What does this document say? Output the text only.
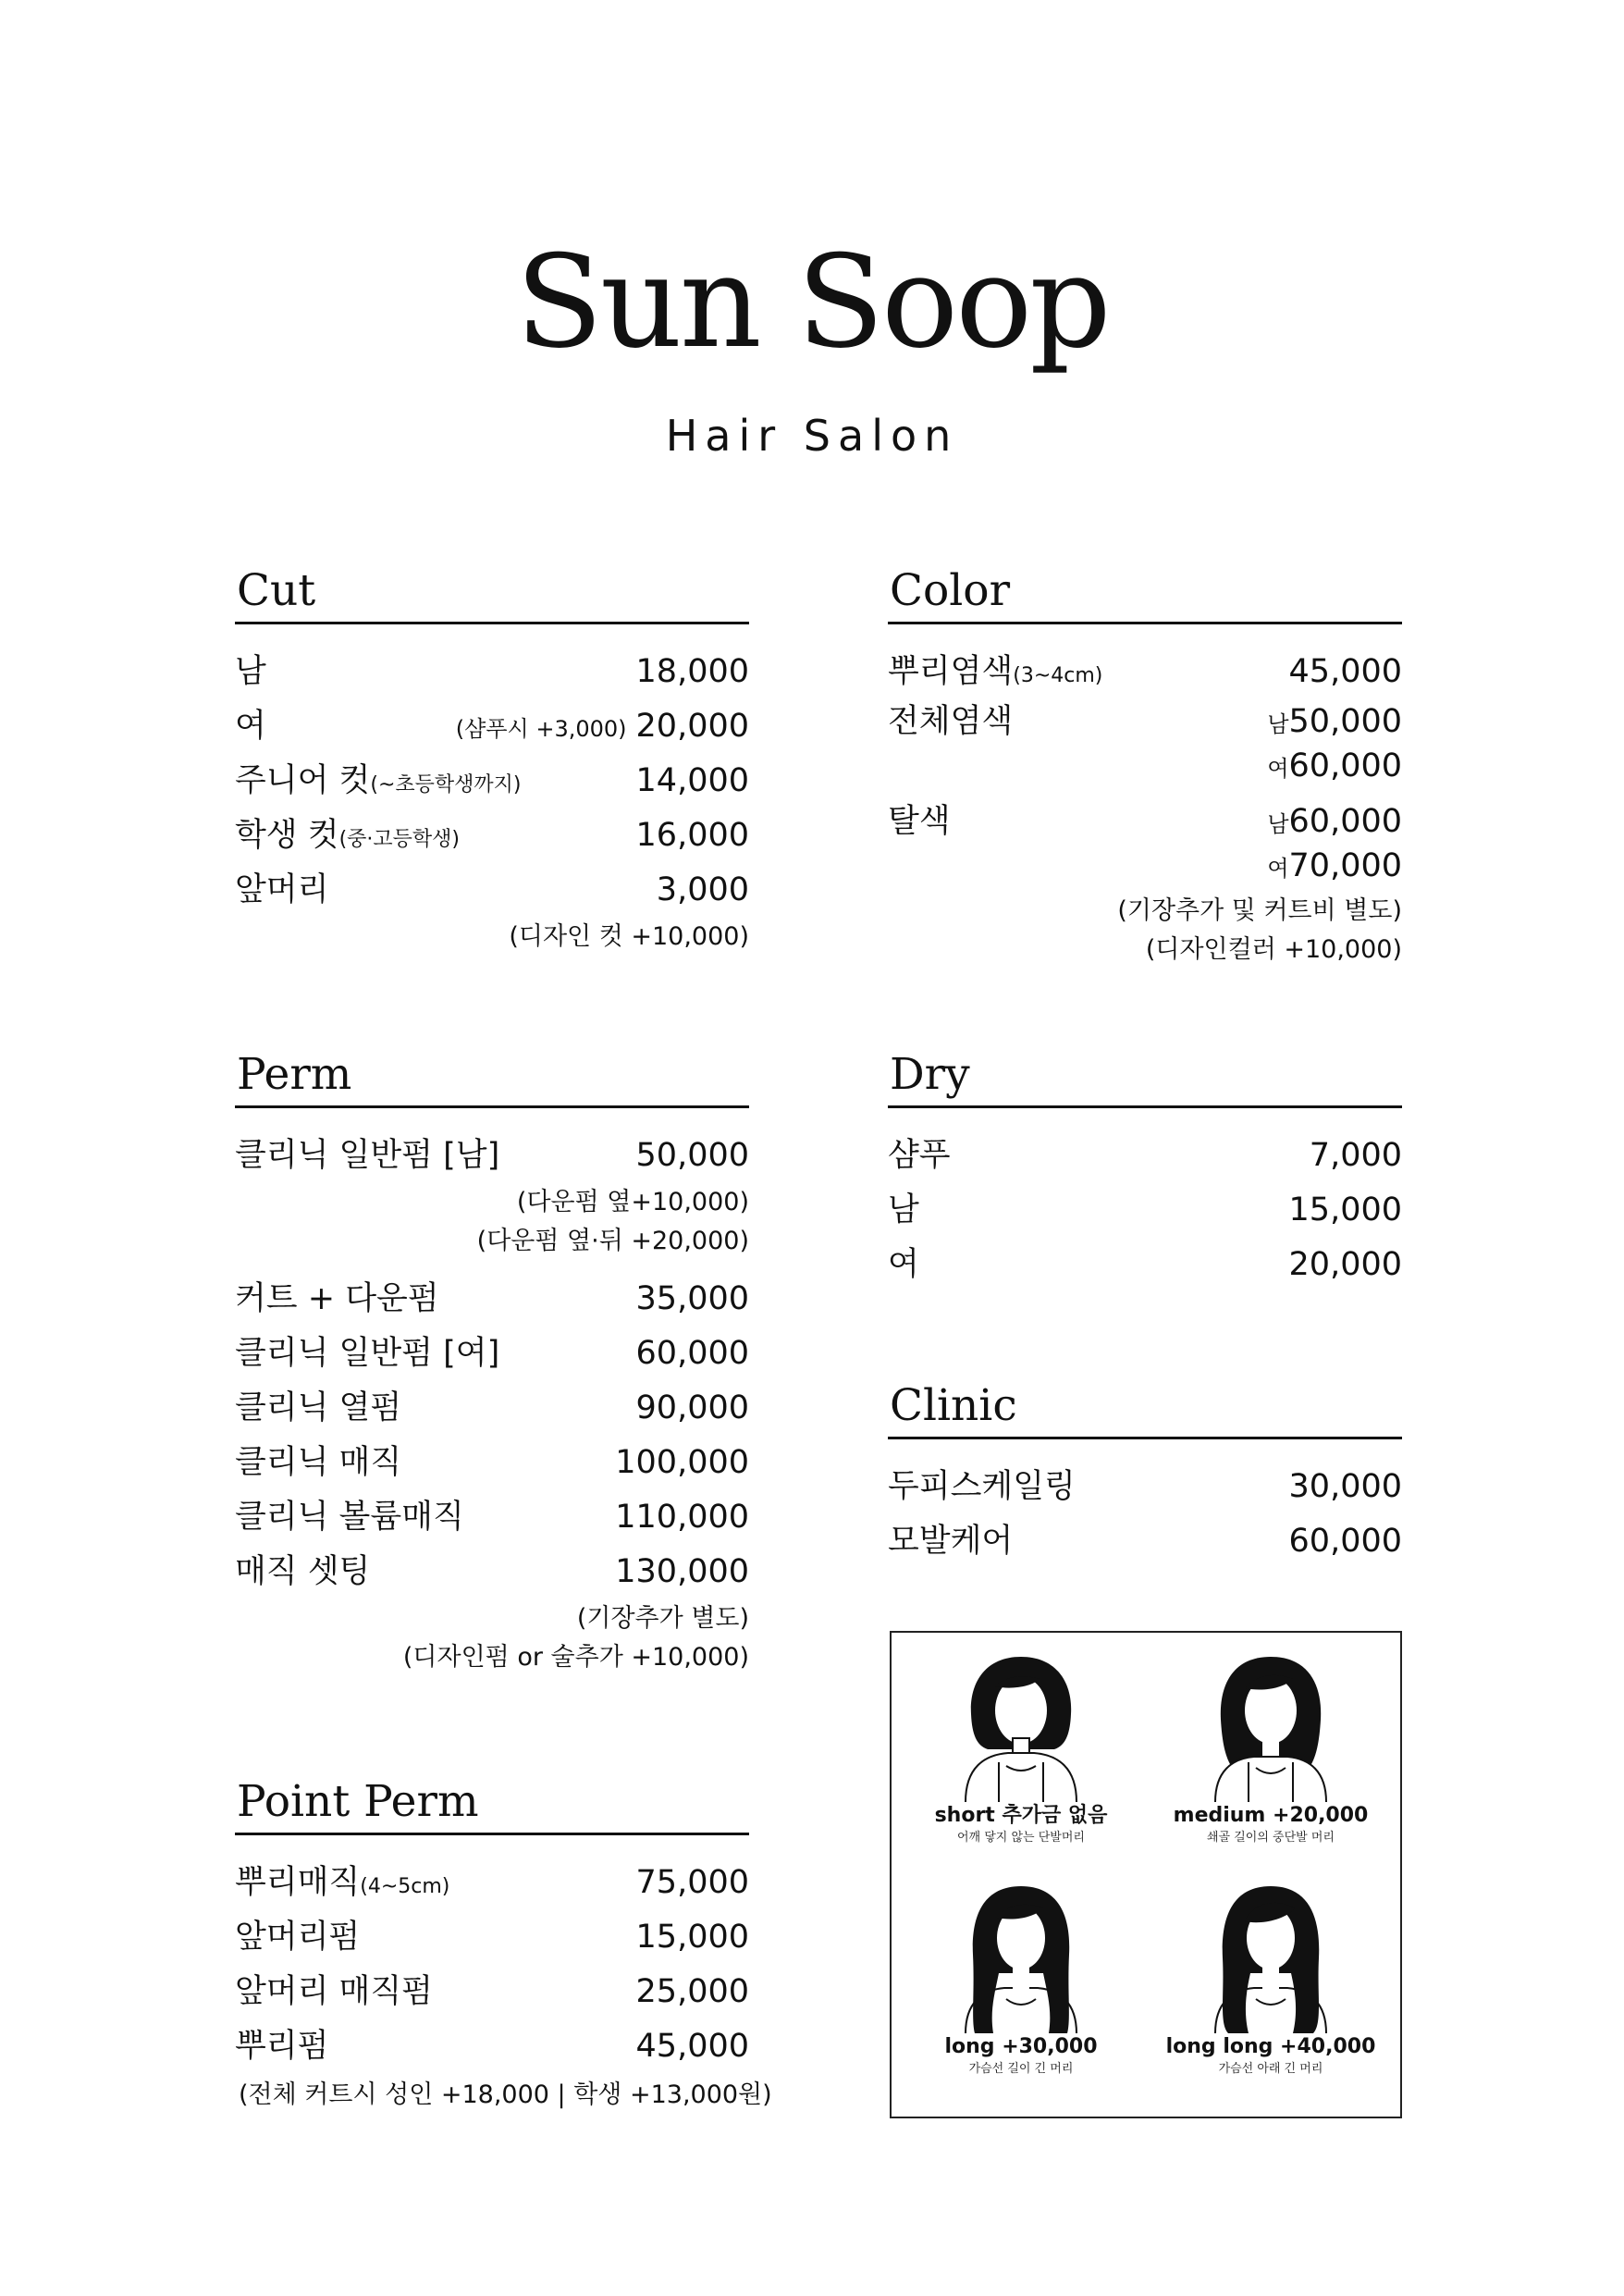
Sun Soop
Hair Salon
Cut
남	18,000
여	(샴푸시 +3,000) 20,000
주니어 컷(~초등학생까지)	14,000
학생 컷(중·고등학생)	16,000
앞머리	3,000
(디자인 컷 +10,000)
Color
뿌리염색(3~4cm)	45,000
전체염색	남50,000
여60,000
탈색	남60,000
여70,000
(기장추가 및 커트비 별도)
(디자인컬러 +10,000)
Perm
클리닉 일반펌 [남]	50,000
(다운펌 옆+10,000)
(다운펌 옆·뒤 +20,000)
커트 + 다운펌	35,000
클리닉 일반펌 [여]	60,000
클리닉 열펌	90,000
클리닉 매직	100,000
클리닉 볼륨매직	110,000
매직 셋팅	130,000
(기장추가 별도)
(디자인펌 or 술추가 +10,000)
Dry
샴푸	7,000
남	15,000
여	20,000
Clinic
두피스케일링	30,000
모발케어	60,000
Point Perm
뿌리매직(4~5cm)	75,000
앞머리펌	15,000
앞머리 매직펌	25,000
뿌리펌	45,000
(전체 커트시 성인 +18,000 | 학생 +13,000원)
short 추가금 없음
어깨 닿지 않는 단발머리
medium +20,000
쇄골 길이의 중단발 머리
long +30,000
가슴선 길이 긴 머리
long long +40,000
가슴선 아래 긴 머리
